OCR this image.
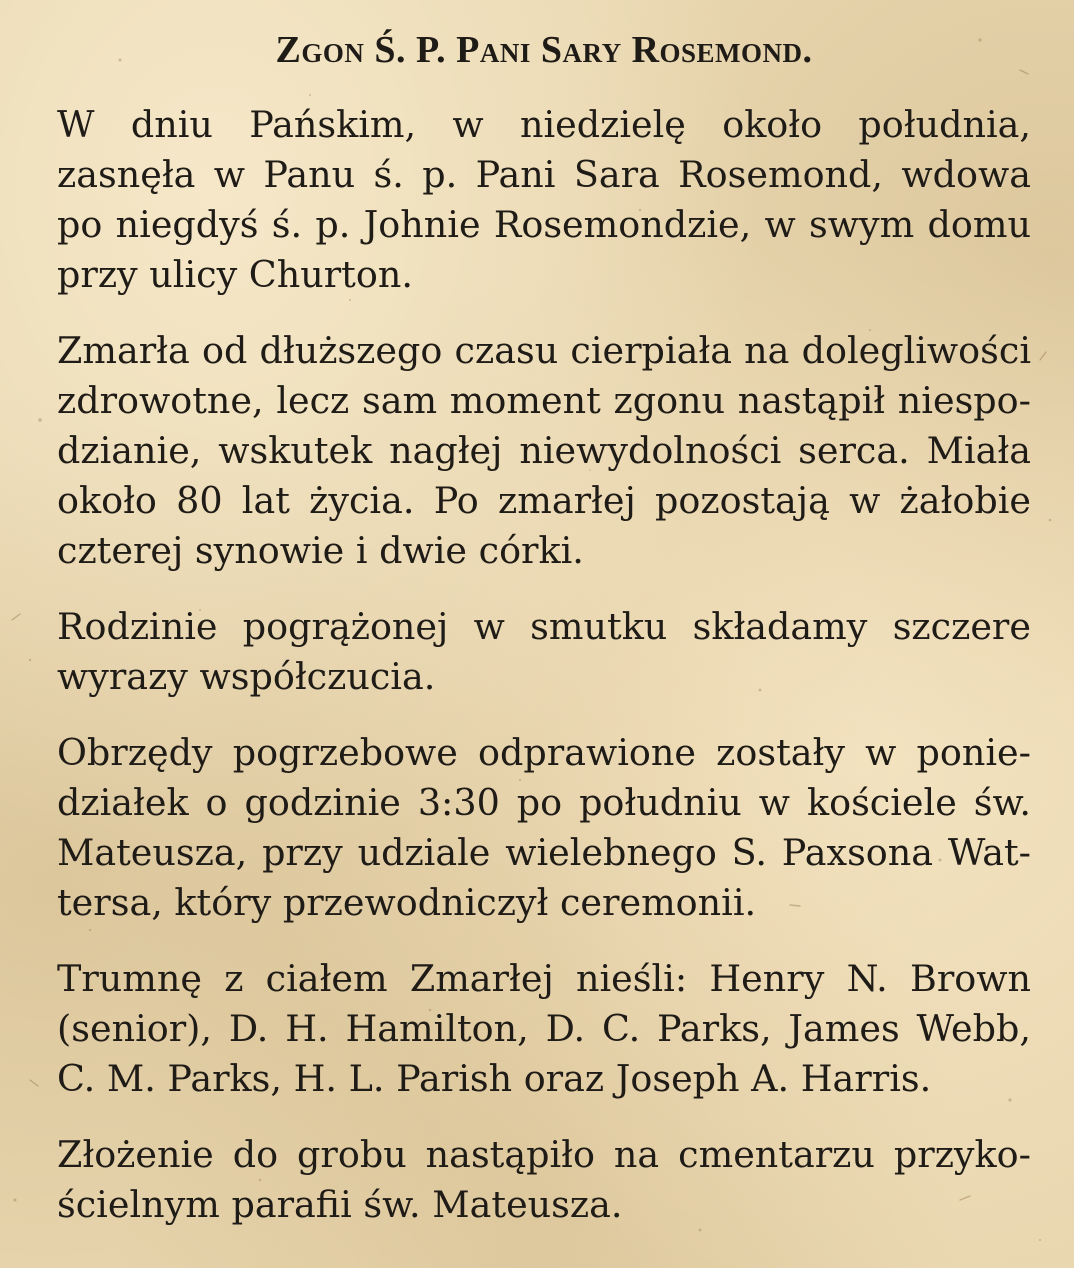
Zgon Ś. P. Pani Sary Rosemond.

W dniu Pańskim, w niedzielę około południa, zasnęła w Panu ś. p. Pani Sara Rosemond, wdowa po niegdyś ś. p. Johnie Rosemondzie, w swym domu przy ulicy Churton.

Zmarła od dłuższego czasu cierpiała na dolegliwości zdrowotne, lecz sam moment zgonu nastąpił niespodzianie, wskutek nagłej niewydolności serca. Miała około 80 lat życia. Po zmarłej pozostają w żałobie czterej synowie i dwie córki.

Rodzinie pogrążonej w smutku składamy szczere wyrazy współczucia.

Obrzędy pogrzebowe odprawione zostały w poniedziałek o godzinie 3:30 po południu w kościele św. Mateusza, przy udziale wielebnego S. Paxsona Wattersa, który przewodniczył ceremonii.

Trumnę z ciałem Zmarłej nieśli: Henry N. Brown (senior), D. H. Hamilton, D. C. Parks, James Webb, C. M. Parks, H. L. Parish oraz Joseph A. Harris.

Złożenie do grobu nastąpiło na cmentarzu przykościelnym parafii św. Mateusza.
